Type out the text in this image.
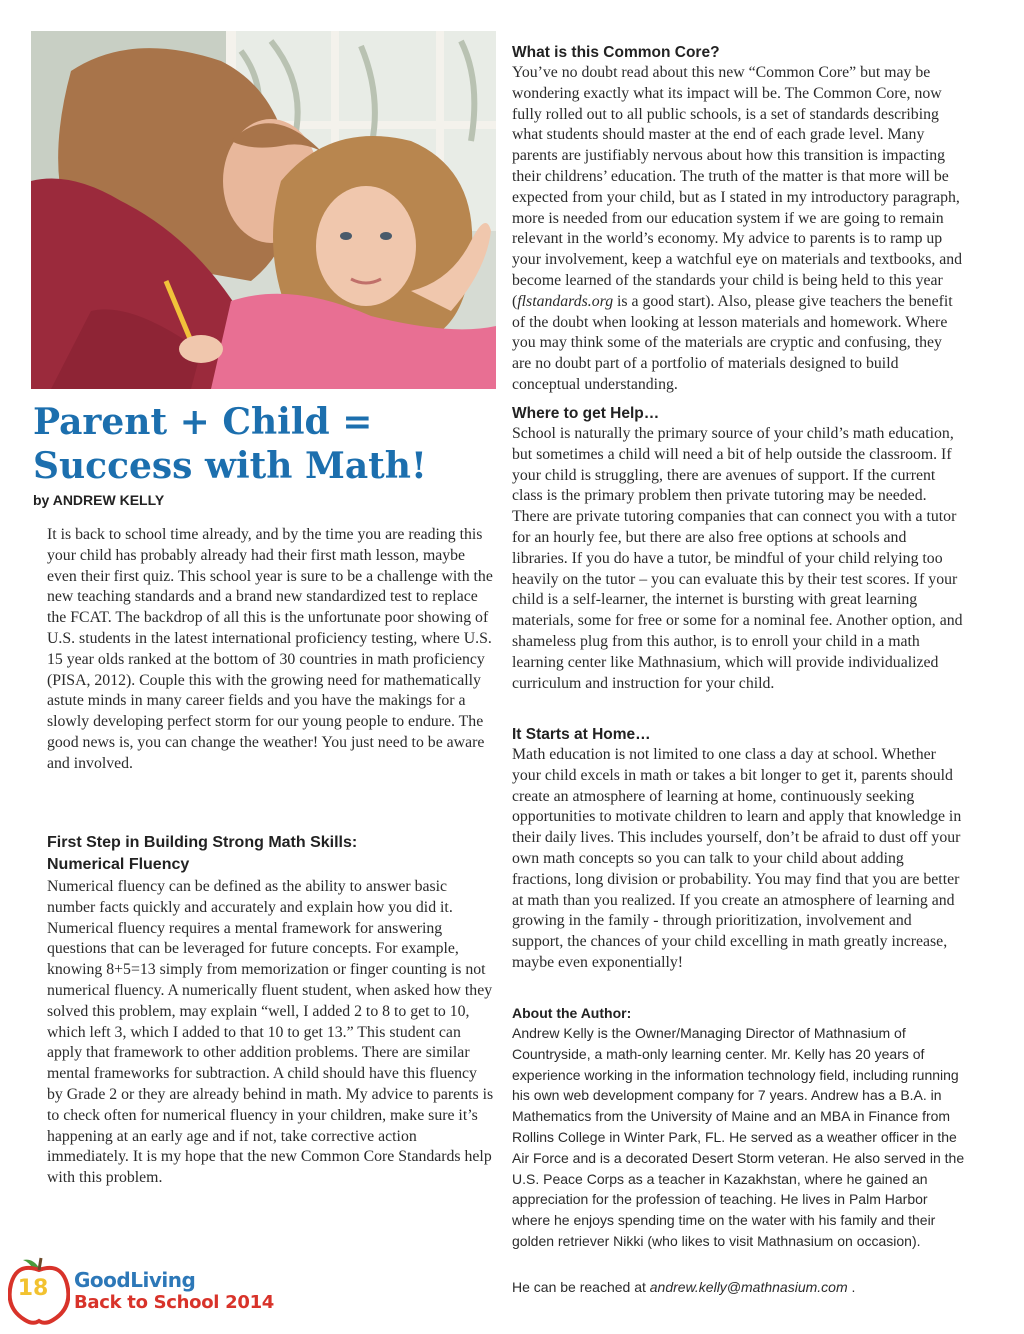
Parent + Child =
Success with Math!
by ANDREW KELLY

It is back to school time already, and by the time you are reading this your child has probably already had their first math lesson, maybe even their first quiz. This school year is sure to be a challenge with the new teaching standards and a brand new standardized test to replace the FCAT. The backdrop of all this is the unfortunate poor showing of U.S. students in the latest international proficiency testing, where U.S. 15 year olds ranked at the bottom of 30 countries in math proficiency (PISA, 2012). Couple this with the growing need for mathematically astute minds in many career fields and you have the makings for a slowly developing perfect storm for our young people to endure. The good news is, you can change the weather! You just need to be aware and involved.

First Step in Building Strong Math Skills:
Numerical Fluency

Numerical fluency can be defined as the ability to answer basic number facts quickly and accurately and explain how you did it. Numerical fluency requires a mental framework for answering questions that can be leveraged for future concepts. For example, knowing 8+5=13 simply from memorization or finger counting is not numerical fluency. A numerically fluent student, when asked how they solved this problem, may explain “well, I added 2 to 8 to get to 10, which left 3, which I added to that 10 to get 13.” This student can apply that framework to other addition problems. There are similar mental frameworks for subtraction. A child should have this fluency by Grade 2 or they are already behind in math. My advice to parents is to check often for numerical fluency in your children, make sure it’s happening at an early age and if not, take corrective action immediately. It is my hope that the new Common Core Standards help with this problem.

What is this Common Core?

You’ve no doubt read about this new “Common Core” but may be wondering exactly what its impact will be. The Common Core, now fully rolled out to all public schools, is a set of standards describing what students should master at the end of each grade level. Many parents are justifiably nervous about how this transition is impacting their childrens’ education. The truth of the matter is that more will be expected from your child, but as I stated in my introductory paragraph, more is needed from our education system if we are going to remain relevant in the world’s economy. My advice to parents is to ramp up your involvement, keep a watchful eye on materials and textbooks, and become learned of the standards your child is being held to this year (flstandards.org is a good start). Also, please give teachers the benefit of the doubt when looking at lesson materials and homework. Where you may think some of the materials are cryptic and confusing, they are no doubt part of a portfolio of materials designed to build conceptual understanding.

Where to get Help…

School is naturally the primary source of your child’s math education, but sometimes a child will need a bit of help outside the classroom. If your child is struggling, there are avenues of support. If the current class is the primary problem then private tutoring may be needed. There are private tutoring companies that can connect you with a tutor for an hourly fee, but there are also free options at schools and libraries. If you do have a tutor, be mindful of your child relying too heavily on the tutor – you can evaluate this by their test scores. If your child is a self-learner, the internet is bursting with great learning materials, some for free or some for a nominal fee. Another option, and shameless plug from this author, is to enroll your child in a math learning center like Mathnasium, which will provide individualized curriculum and instruction for your child.

It Starts at Home…

Math education is not limited to one class a day at school. Whether your child excels in math or takes a bit longer to get it, parents should create an atmosphere of learning at home, continuously seeking opportunities to motivate children to learn and apply that knowledge in their daily lives. This includes yourself, don’t be afraid to dust off your own math concepts so you can talk to your child about adding fractions, long division or probability. You may find that you are better at math than you realized. If you create an atmosphere of learning and growing in the family - through prioritization, involvement and support, the chances of your child excelling in math greatly increase, maybe even exponentially!

About the Author:

Andrew Kelly is the Owner/Managing Director of Mathnasium of Countryside, a math-only learning center. Mr. Kelly has 20 years of experience working in the information technology field, including running his own web development company for 7 years. Andrew has a B.A. in Mathematics from the University of Maine and an MBA in Finance from Rollins College in Winter Park, FL. He served as a weather officer in the Air Force and is a decorated Desert Storm veteran. He also served in the U.S. Peace Corps as a teacher in Kazakhstan, where he gained an appreciation for the profession of teaching. He lives in Palm Harbor where he enjoys spending time on the water with his family and their golden retriever Nikki (who likes to visit Mathnasium on occasion).

He can be reached at andrew.kelly@mathnasium.com .
18	GoodLiving
Back to School 2014
